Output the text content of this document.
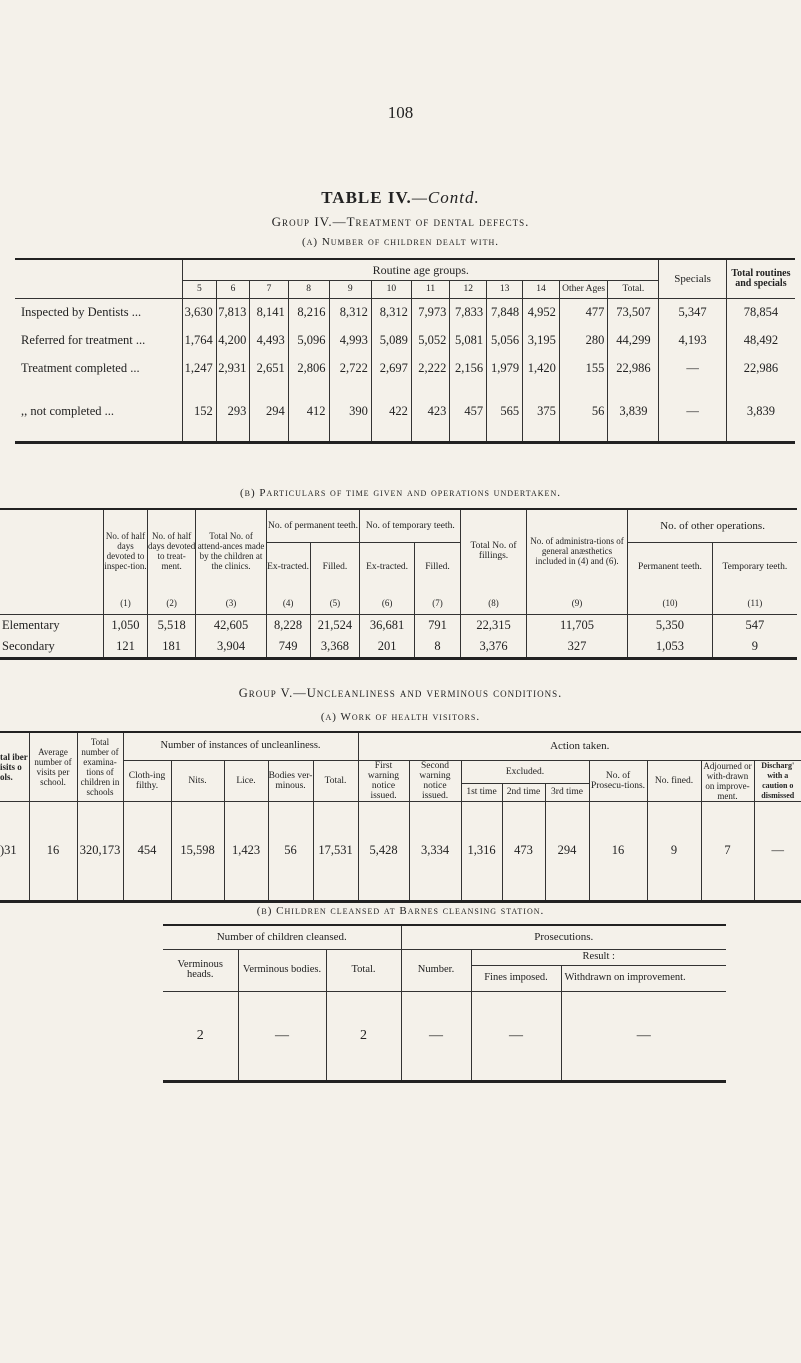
108
TABLE IV.—Contd.
Group IV.—Treatment of dental defects.
(a) Number of children dealt with.
	Routine age groups.												Specials	Total routines and specials
	5	6	7	8	9	10	11	12	13	14	Other Ages	Total.		
Inspected by Dentists ...	3,630	7,813	8,141	8,216	8,312	8,312	7,973	7,833	7,848	4,952	477	73,507	5,347	78,854
Referred for treatment ...	1,764	4,200	4,493	5,096	4,993	5,089	5,052	5,081	5,056	3,195	280	44,299	4,193	48,492
Treatment completed ...	1,247	2,931	2,651	2,806	2,722	2,697	2,222	2,156	1,979	1,420	155	22,986	—	22,986
,, not completed ...	152	293	294	412	390	422	423	457	565	375	56	3,839	—	3,839
(b) Particulars of time given and operations undertaken.
	No. of half days devoted to inspec-tion.	No. of half days devoted to treat-ment.	Total No. of attend-ances made by the children at the clinics.	No. of permanent teeth.		No. of temporary teeth.		Total No. of fillings.	No. of administra-tions of general anæsthetics included in (4) and (6).	No. of other operations.	
				Ex-tracted.	Filled.	Ex-tracted.	Filled.			Permanent teeth.	Temporary teeth.
	(1)	(2)	(3)	(4)	(5)	(6)	(7)	(8)	(9)	(10)	(11)
Elementary	1,050	5,518	42,605	8,228	21,524	36,681	791	22,315	11,705	5,350	547
Secondary	121	181	3,904	749	3,368	201	8	3,376	327	1,053	9
Group V.—Uncleanliness and verminous conditions.
(a) Work of health visitors.
tal iber isits o ols.	Average number of visits per school.	Total number of examina-tions of children in schools	Number of instances of uncleanliness.					Action taken.								
			Cloth-ing filthy.	Nits.	Lice.	Bodies ver-minous.	Total.	First warning notice issued.	Second warning notice issued.	Excluded.			No. of Prosecu-tions.	No. fined.	Adjourned or with-drawn on improve-ment.	Discharg' with a caution o dismissed
										1st time	2nd time	3rd time				
)31	16	320,173	454	15,598	1,423	56	17,531	5,428	3,334	1,316	473	294	16	9	7	—
(b) Children cleansed at Barnes cleansing station.
Number of children cleansed.			Prosecutions.		
Verminous heads.	Verminous bodies.	Total.	Number.	Result :	
				Fines imposed.	Withdrawn on improvement.
2	—	2	—	—	—
